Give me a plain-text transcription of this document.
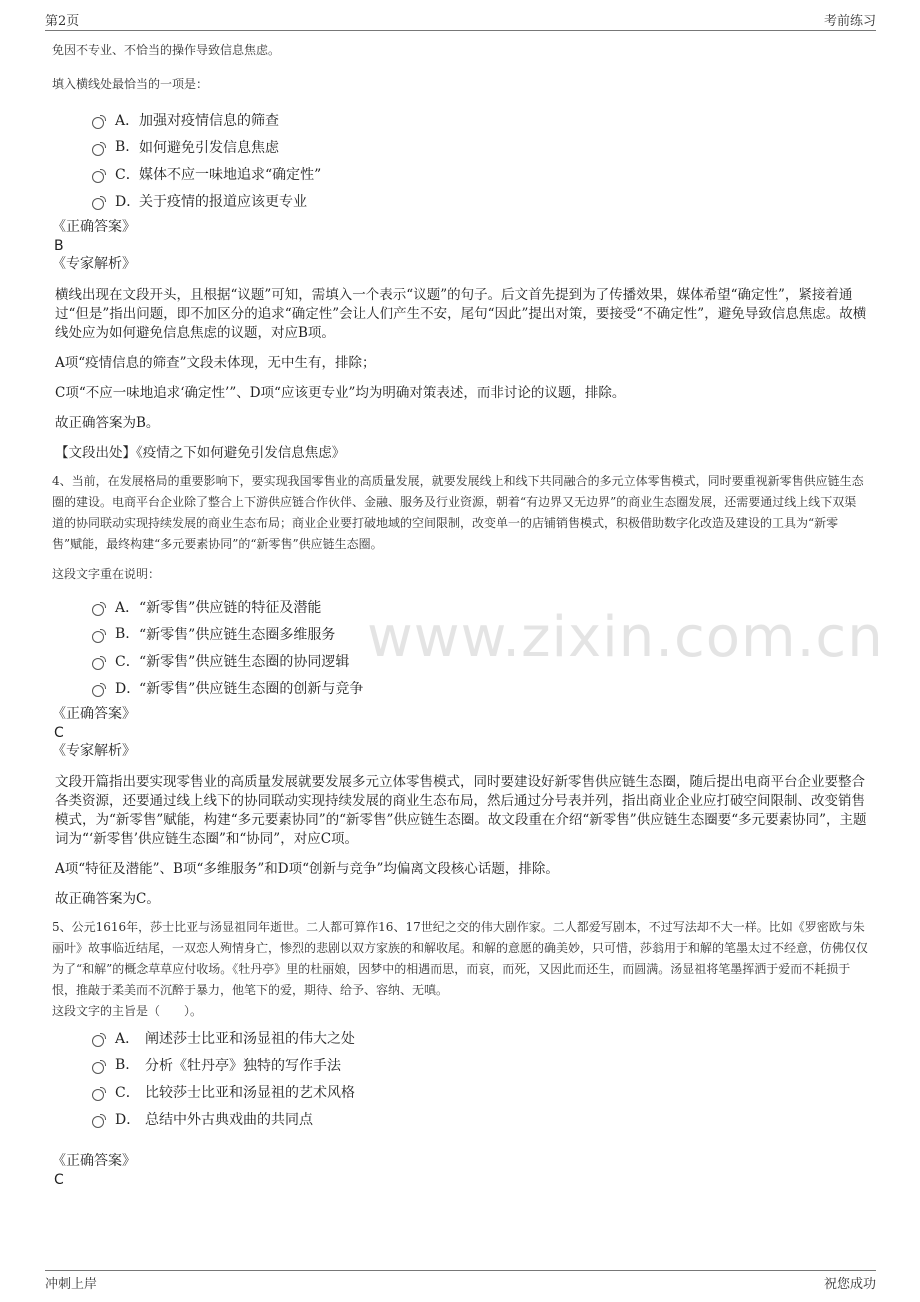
第2页	考前练习
www.zixin.com.cn

免因不专业、不恰当的操作导致信息焦虑。

填入横线处最恰当的一项是：

A． 加强对疫情信息的筛查
B. 如何避免引发信息焦虑
C． 媒体不应一味地追求“确定性”
D．
关于疫情的报道应该更专业

《正确答案》

B

《专家解析》

横线出现在文段开头，且根据“议题”可知，需填入一个表示“议题”的句子。后文首先提到为了传播效果，媒体希望“确定性”，紧接着通过“但是”指出问题，即不加区分的追求“确定性”会让人们产生不安，尾句“因此”提出对策，要接受“不确定性”，避免导致信息焦虑。故横线处应为如何避免信息焦虑的议题，对应B项。

A项“疫情信息的筛查”文段未体现，无中生有，排除；

C项“不应一味地追求‘确定性’”、D项“应该更专业”均为明确对策表述，而非讨论的议题，排除。

故正确答案为B。

【文段出处】《疫情之下如何避免引发信息焦虑》

4、当前，在发展格局的重要影响下，要实现我国零售业的高质量发展，就要发展线上和线下共同融合的多元立体零售模式，同时要重视新零售供应链生态圈的建设。电商平台企业除了整合上下游供应链合作伙伴、金融、服务及行业资源，朝着“有边界又无边界”的商业生态圈发展，还需要通过线上线下双渠道的协同联动实现持续发展的商业生态布局；商业企业要打破地域的空间限制，改变单一的店铺销售模式，积极借助数字化改造及建设的工具为“新零售”赋能，最终构建“多元要素协同”的“新零售”供应链生态圈。

这段文字重在说明：

A． “新零售”供应链的特征及潜能
B. “新零售”供应链生态圈多维服务
C． “新零售”供应链生态圈的协同逻辑
D．
“新零售”供应链生态圈的创新与竞争

《正确答案》

C

《专家解析》

文段开篇指出要实现零售业的高质量发展就要发展多元立体零售模式，同时要建设好新零售供应链生态圈，随后提出电商平台企业要整合各类资源，还要通过线上线下的协同联动实现持续发展的商业生态布局，然后通过分号表并列，指出商业企业应打破空间限制、改变销售模式，为“新零售”赋能，构建“多元要素协同”的“新零售”供应链生态圈。故文段重在介绍“新零售”供应链生态圈要“多元要素协同”，主题词为“‘新零售’供应链生态圈”和“协同”，对应C项。

A项“特征及潜能”、B项“多维服务”和D项“创新与竞争”均偏离文段核心话题，排除。

故正确答案为C。

5、公元1616年，莎士比亚与汤显祖同年逝世。二人都可算作16、17世纪之交的伟大剧作家。二人都爱写剧本，不过写法却不大一样。比如《罗密欧与朱丽叶》故事临近结尾，一双恋人殉情身亡，惨烈的悲剧以双方家族的和解收尾。和解的意愿的确美妙，只可惜，莎翁用于和解的笔墨太过不经意，仿佛仅仅为了“和解”的概念草草应付收场。《牡丹亭》里的杜丽娘，因梦中的相遇而思，而哀，而死，又因此而还生，而圆满。汤显祖将笔墨挥洒于爱而不耗损于恨，推敲于柔美而不沉醉于暴力，他笔下的爱，期待、给予、容纳、无嗔。

这段文字的主旨是（　　）。

A． 阐述莎士比亚和汤显祖的伟大之处
B.	分析《牡丹亭》独特的写作手法
C． 比较莎士比亚和汤显祖的艺术风格
D． 总结中外古典戏曲的共同点

《正确答案》

C

冲刺上岸	祝您成功
